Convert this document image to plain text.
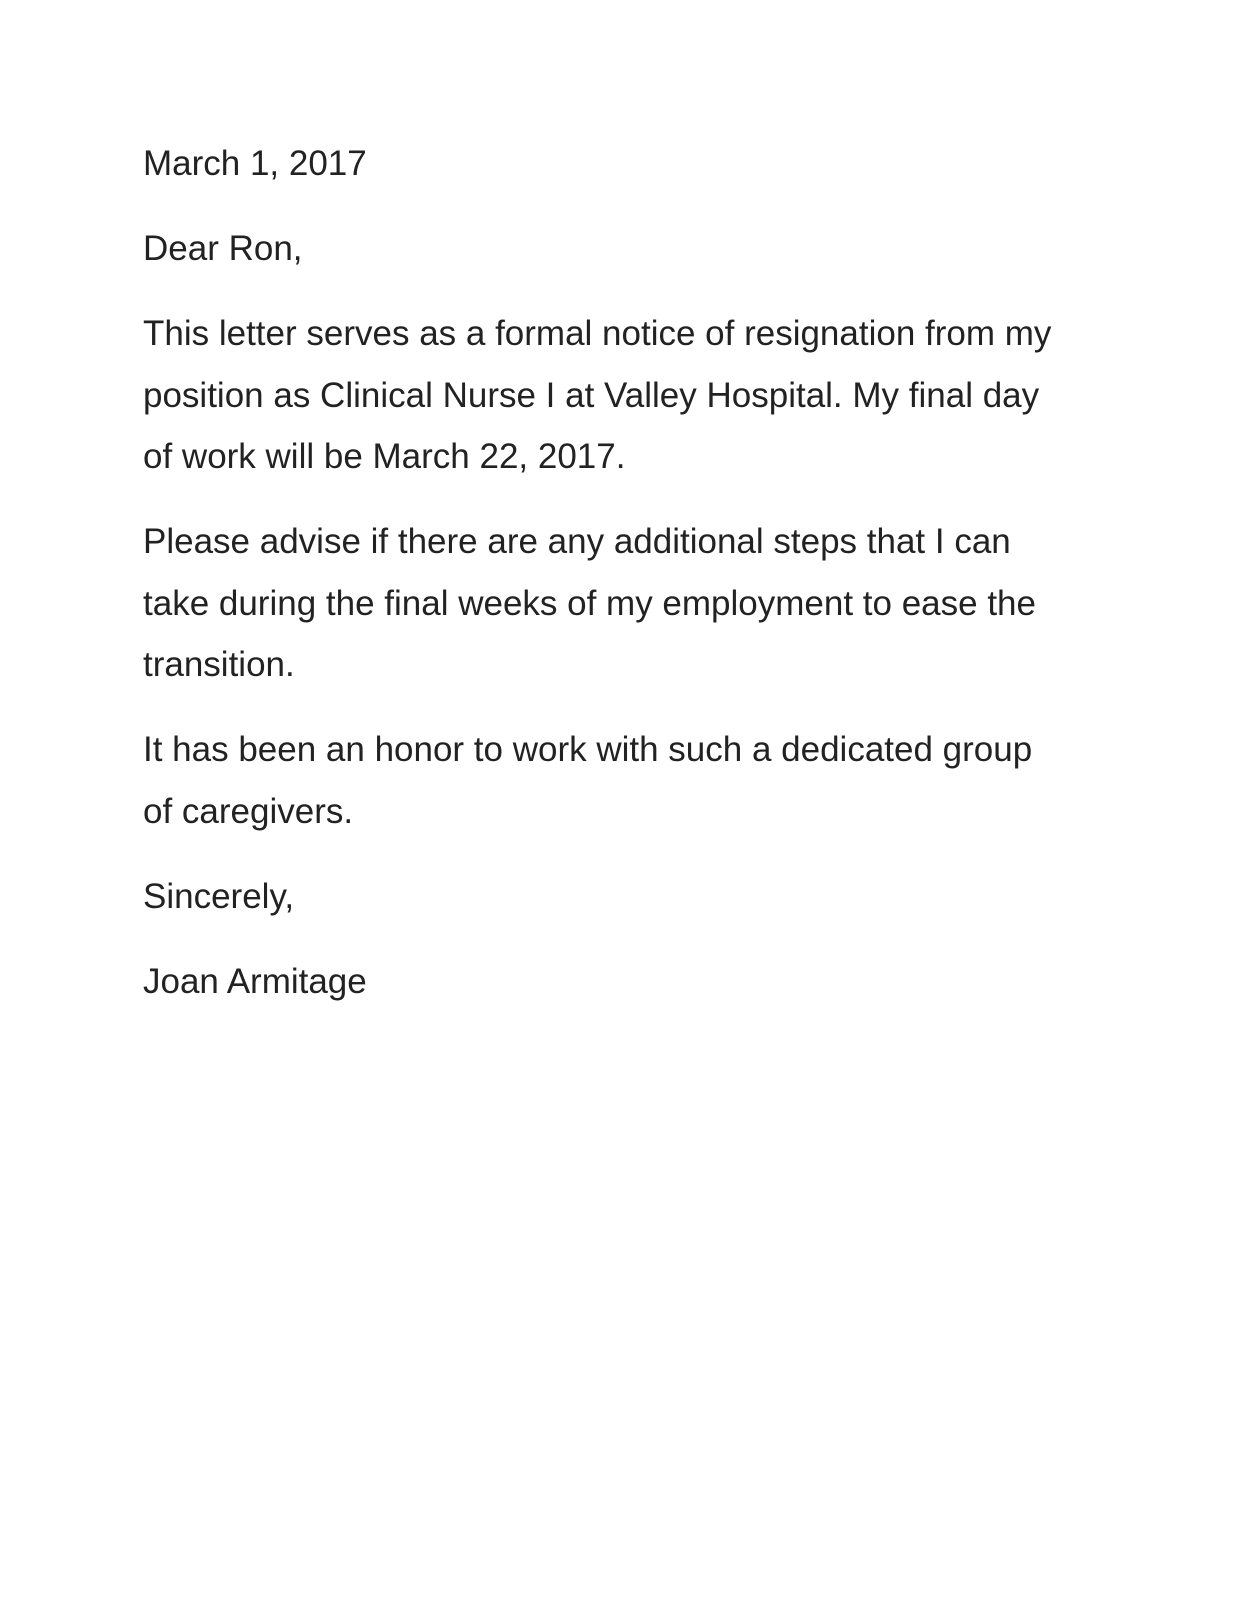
March 1, 2017

Dear Ron,

This letter serves as a formal notice of resignation from my

position as Clinical Nurse I at Valley Hospital. My final day

of work will be March 22, 2017.

Please advise if there are any additional steps that I can

take during the final weeks of my employment to ease the

transition.

It has been an honor to work with such a dedicated group

of caregivers.

Sincerely,

Joan Armitage
